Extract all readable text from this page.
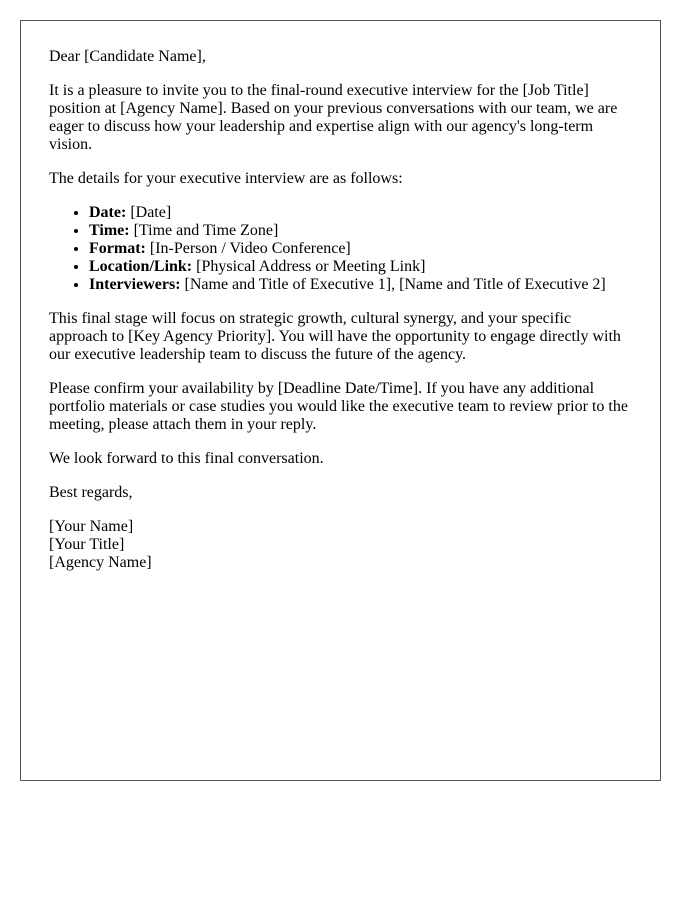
Dear [Candidate Name],

It is a pleasure to invite you to the final-round executive interview for the [Job Title] position at [Agency Name]. Based on your previous conversations with our team, we are eager to discuss how your leadership and expertise align with our agency's long-term vision.

The details for your executive interview are as follows:

• Date: [Date]
• Time: [Time and Time Zone]
• Format: [In-Person / Video Conference]
• Location/Link: [Physical Address or Meeting Link]
• Interviewers: [Name and Title of Executive 1], [Name and Title of Executive 2]

This final stage will focus on strategic growth, cultural synergy, and your specific approach to [Key Agency Priority]. You will have the opportunity to engage directly with our executive leadership team to discuss the future of the agency.

Please confirm your availability by [Deadline Date/Time]. If you have any additional portfolio materials or case studies you would like the executive team to review prior to the meeting, please attach them in your reply.

We look forward to this final conversation.

Best regards,

[Your Name]
[Your Title]
[Agency Name]
